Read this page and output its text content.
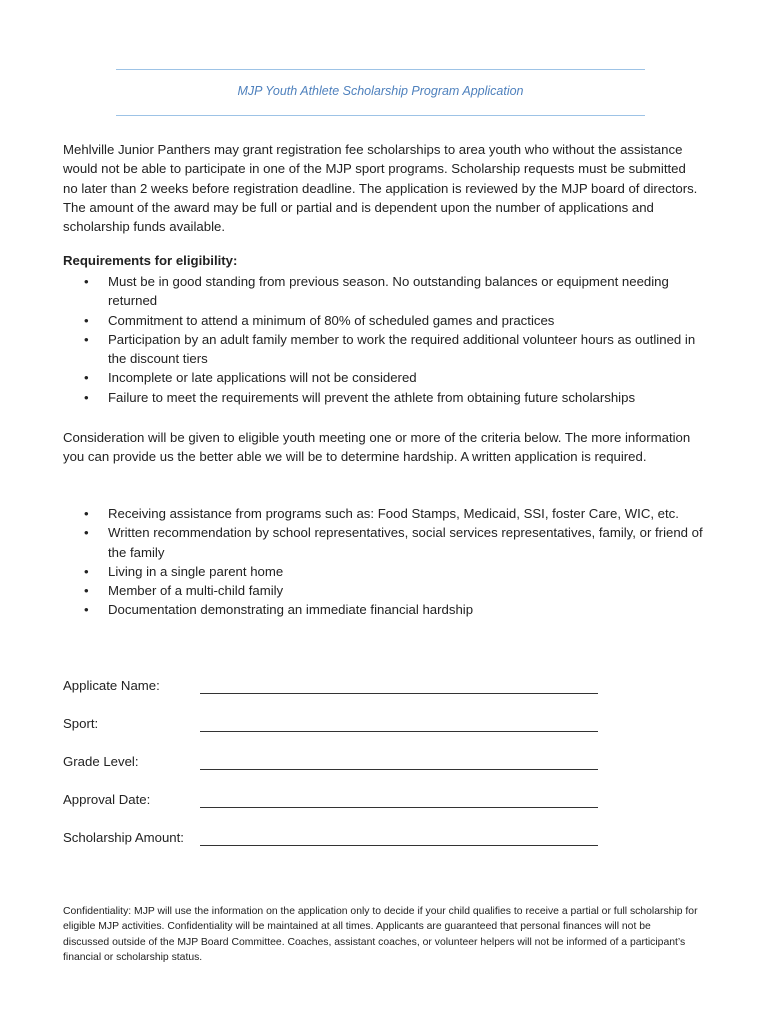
MJP Youth Athlete Scholarship Program Application
Mehlville Junior Panthers may grant registration fee scholarships to area youth who without the assistance would not be able to participate in one of the MJP sport programs. Scholarship requests must be submitted no later than 2 weeks before registration deadline. The application is reviewed by the MJP board of directors. The amount of the award may be full or partial and is dependent upon the number of applications and scholarship funds available.
Requirements for eligibility:
• Must be in good standing from previous season. No outstanding balances or equipment needing returned
• Commitment to attend a minimum of 80% of scheduled games and practices
• Participation by an adult family member to work the required additional volunteer hours as outlined in the discount tiers
• Incomplete or late applications will not be considered
• Failure to meet the requirements will prevent the athlete from obtaining future scholarships
Consideration will be given to eligible youth meeting one or more of the criteria below. The more information you can provide us the better able we will be to determine hardship. A written application is required.
• Receiving assistance from programs such as: Food Stamps, Medicaid, SSI, foster Care, WIC, etc.
• Written recommendation by school representatives, social services representatives, family, or friend of the family
• Living in a single parent home
• Member of a multi-child family
• Documentation demonstrating an immediate financial hardship
Applicate Name:
Sport:
Grade Level:
Approval Date:
Scholarship Amount:
Confidentiality: MJP will use the information on the application only to decide if your child qualifies to receive a partial or full scholarship for eligible MJP activities. Confidentiality will be maintained at all times. Applicants are guaranteed that personal finances will not be discussed outside of the MJP Board Committee. Coaches, assistant coaches, or volunteer helpers will not be informed of a participant’s financial or scholarship status.
